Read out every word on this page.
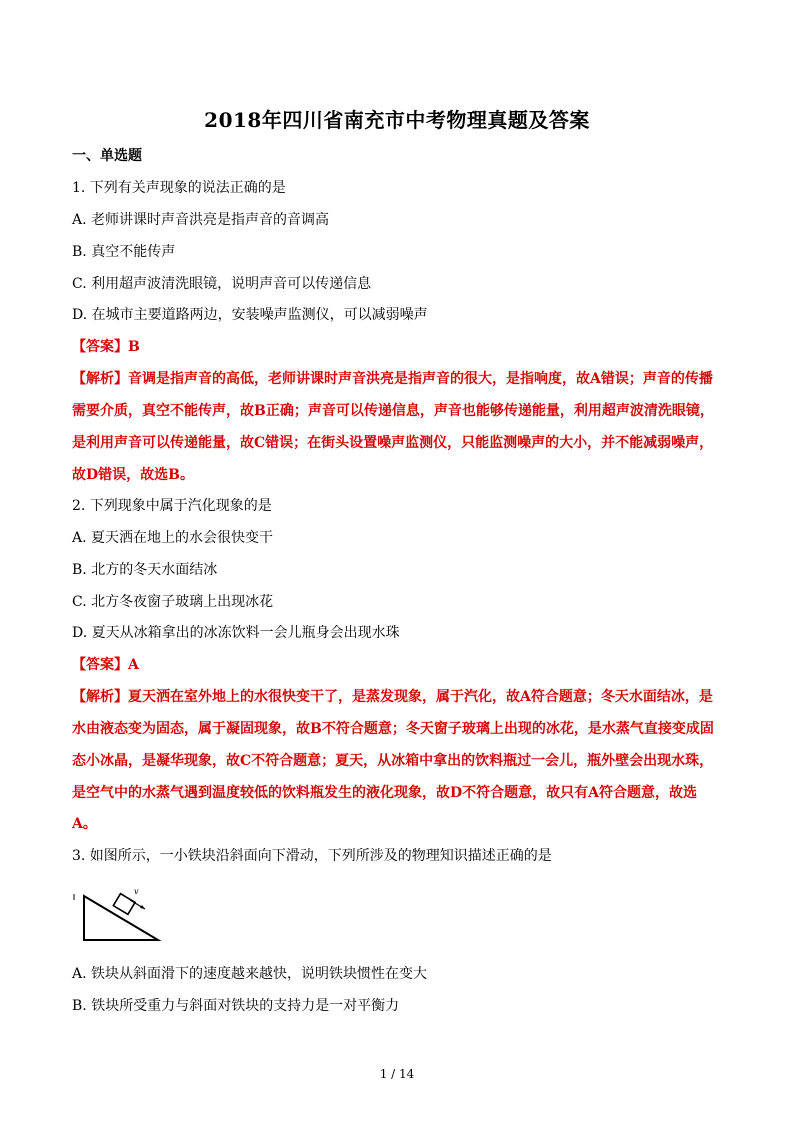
2018年四川省南充市中考物理真题及答案
一、单选题
1. 下列有关声现象的说法正确的是
A. 老师讲课时声音洪亮是指声音的音调高
B. 真空不能传声
C. 利用超声波清洗眼镜，说明声音可以传递信息
D. 在城市主要道路两边，安装噪声监测仪，可以减弱噪声
【答案】B
【解析】音调是指声音的高低，老师讲课时声音洪亮是指声音的很大，是指响度，故A错误；声音的传播
需要介质，真空不能传声，故B正确；声音可以传递信息，声音也能够传递能量，利用超声波清洗眼镜，
是利用声音可以传递能量，故C错误；在街头设置噪声监测仪，只能监测噪声的大小，并不能减弱噪声，
故D错误，故选B。
2. 下列现象中属于汽化现象的是
A. 夏天洒在地上的水会很快变干
B. 北方的冬天水面结冰
C. 北方冬夜窗子玻璃上出现冰花
D. 夏天从冰箱拿出的冰冻饮料一会儿瓶身会出现水珠
【答案】A
【解析】夏天洒在室外地上的水很快变干了，是蒸发现象，属于汽化，故A符合题意；冬天水面结冰，是
水由液态变为固态，属于凝固现象，故B不符合题意；冬天窗子玻璃上出现的冰花，是水蒸气直接变成固
态小冰晶，是凝华现象，故C不符合题意；夏天，从冰箱中拿出的饮料瓶过一会儿，瓶外壁会出现水珠，
是空气中的水蒸气遇到温度较低的饮料瓶发生的液化现象，故D不符合题意，故只有A符合题意，故选
A。
3. 如图所示，一小铁块沿斜面向下滑动，下列所涉及的物理知识描述正确的是
v
A. 铁块从斜面滑下的速度越来越快，说明铁块惯性在变大
B. 铁块所受重力与斜面对铁块的支持力是一对平衡力
1 / 14
